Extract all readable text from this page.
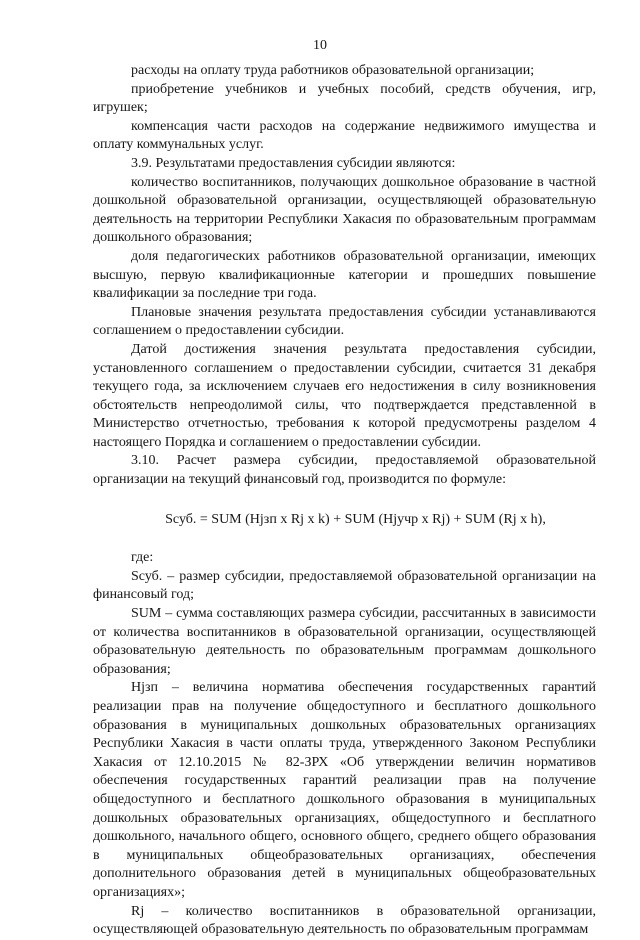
10

расходы на оплату труда работников образовательной организации;

приобретение учебников и учебных пособий, средств обучения, игр, игрушек;

компенсация части расходов на содержание недвижимого имущества и оплату коммунальных услуг.

3.9. Результатами предоставления субсидии являются:

количество воспитанников, получающих дошкольное образование в частной дошкольной образовательной организации, осуществляющей образовательную деятельность на территории Республики Хакасия по образовательным программам дошкольного образования;

доля педагогических работников образовательной организации, имеющих высшую, первую квалификационные категории и прошедших повышение квалификации за последние три года.

Плановые значения результата предоставления субсидии устанавливаются соглашением о предоставлении субсидии.

Датой достижения значения результата предоставления субсидии, установленного соглашением о предоставлении субсидии, считается 31 декабря текущего года, за исключением случаев его недостижения в силу возникновения обстоятельств непреодолимой силы, что подтверждается представленной в Министерство отчетностью, требования к которой предусмотрены разделом 4 настоящего Порядка и соглашением о предоставлении субсидии.

3.10. Расчет размера субсидии, предоставляемой образовательной организации на текущий финансовый год, производится по формуле:

Sсуб. = SUM (Hjзп x Rj x k) + SUM (Hjучр x Rj) + SUM (Rj x h),

где:

Sсуб. – размер субсидии, предоставляемой образовательной организации на финансовый год;

SUM – сумма составляющих размера субсидии, рассчитанных в зависимости от количества воспитанников в образовательной организации, осуществляющей образовательную деятельность по образовательным программам дошкольного образования;

Hjзп – величина норматива обеспечения государственных гарантий реализации прав на получение общедоступного и бесплатного дошкольного образования в муниципальных дошкольных образовательных организациях Республики Хакасия в части оплаты труда, утвержденного Законом Республики Хакасия от 12.10.2015 № 82-ЗРХ «Об утверждении величин нормативов обеспечения государственных гарантий реализации прав на получение общедоступного и бесплатного дошкольного образования в муниципальных дошкольных образовательных организациях, общедоступного и бесплатного дошкольного, начального общего, основного общего, среднего общего образования в муниципальных общеобразовательных организациях, обеспечения дополнительного образования детей в муниципальных общеобразовательных организациях»;

Rj – количество воспитанников в образовательной организации, осуществляющей образовательную деятельность по образовательным программам
